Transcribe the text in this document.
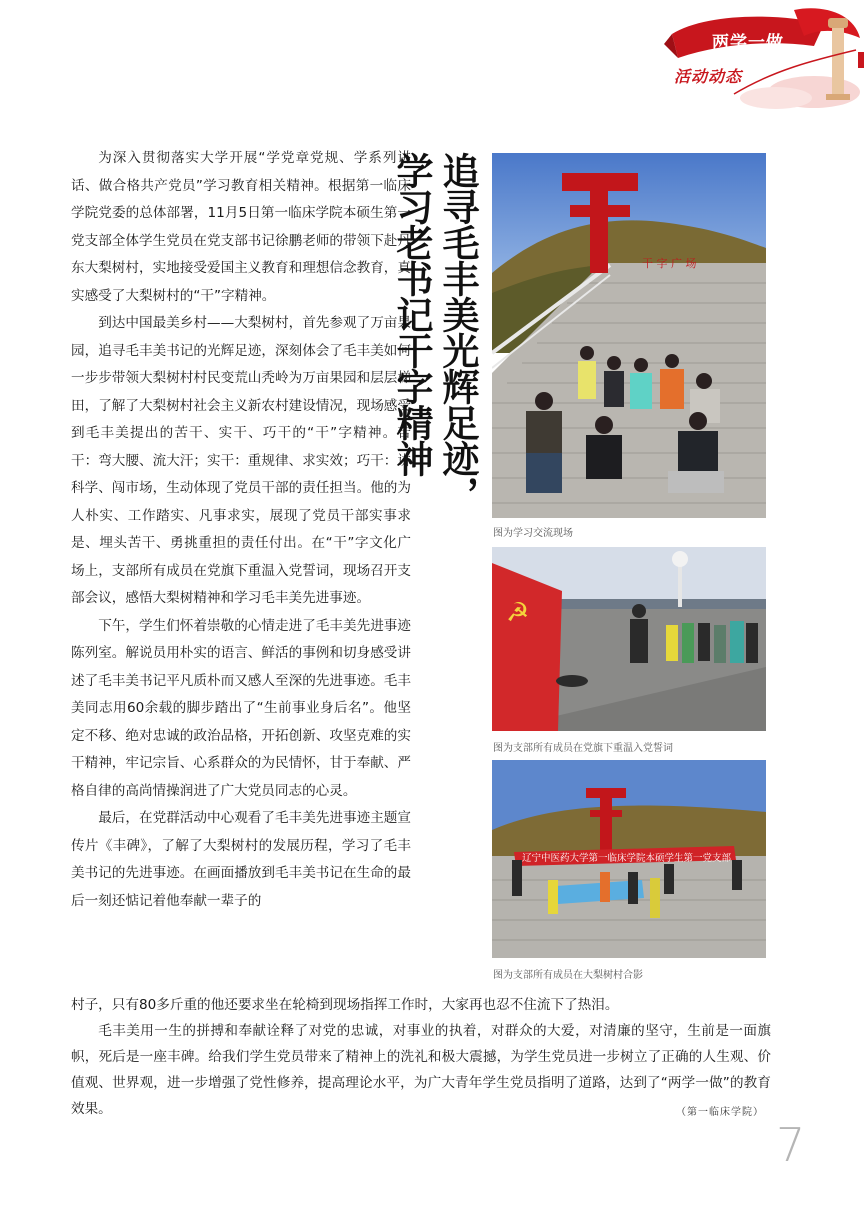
两学一做
活动动态

为深入贯彻落实大学开展“学党章党规、学系列讲话、做合格共产党员”学习教育相关精神。根据第一临床学院党委的总体部署，11月5日第一临床学院本硕生第一党支部全体学生党员在党支部书记徐鹏老师的带领下赴丹东大梨树村，实地接受爱国主义教育和理想信念教育，真实感受了大梨树村的“干”字精神。

到达中国最美乡村——大梨树村，首先参观了万亩果园，追寻毛丰美书记的光辉足迹，深刻体会了毛丰美如何一步步带领大梨树村村民变荒山秃岭为万亩果园和层层梯田，了解了大梨树村社会主义新农村建设情况，现场感受到毛丰美提出的苦干、实干、巧干的“干”字精神。苦干：弯大腰、流大汗；实干：重规律、求实效；巧干：讲科学、闯市场，生动体现了党员干部的责任担当。他的为人朴实、工作踏实、凡事求实，展现了党员干部实事求是、埋头苦干、勇挑重担的责任付出。在“干”字文化广场上，支部所有成员在党旗下重温入党誓词，现场召开支部会议，感悟大梨树精神和学习毛丰美先进事迹。

下午，学生们怀着崇敬的心情走进了毛丰美先进事迹陈列室。解说员用朴实的语言、鲜活的事例和切身感受讲述了毛丰美书记平凡质朴而又感人至深的先进事迹。毛丰美同志用60余载的脚步踏出了“生前事业身后名”。他坚定不移、绝对忠诚的政治品格，开拓创新、攻坚克难的实干精神，牢记宗旨、心系群众的为民情怀，甘于奉献、严格自律的高尚情操润进了广大党员同志的心灵。

最后，在党群活动中心观看了毛丰美先进事迹主题宣传片《丰碑》，了解了大梨树村的发展历程，学习了毛丰美书记的先进事迹。在画面播放到毛丰美书记在生命的最后一刻还惦记着他奉献一辈子的

追寻毛丰美光辉足迹，
学习老书记干字精神	干 字 广 场
图为学习交流现场
☭
图为支部所有成员在党旗下重温入党誓词
辽宁中医药大学第一临床学院本硕学生第一党支部
图为支部所有成员在大梨树村合影

村子，只有80多斤重的他还要求坐在轮椅到现场指挥工作时，大家再也忍不住流下了热泪。

毛丰美用一生的拼搏和奉献诠释了对党的忠诚，对事业的执着，对群众的大爱，对清廉的坚守，生前是一面旗帜，死后是一座丰碑。给我们学生党员带来了精神上的洗礼和极大震撼，为学生党员进一步树立了正确的人生观、价值观、世界观，进一步增强了党性修养，提高理论水平，为广大青年学生党员指明了道路，达到了“两学一做”的教育效果。	（第一临床学院）
7
